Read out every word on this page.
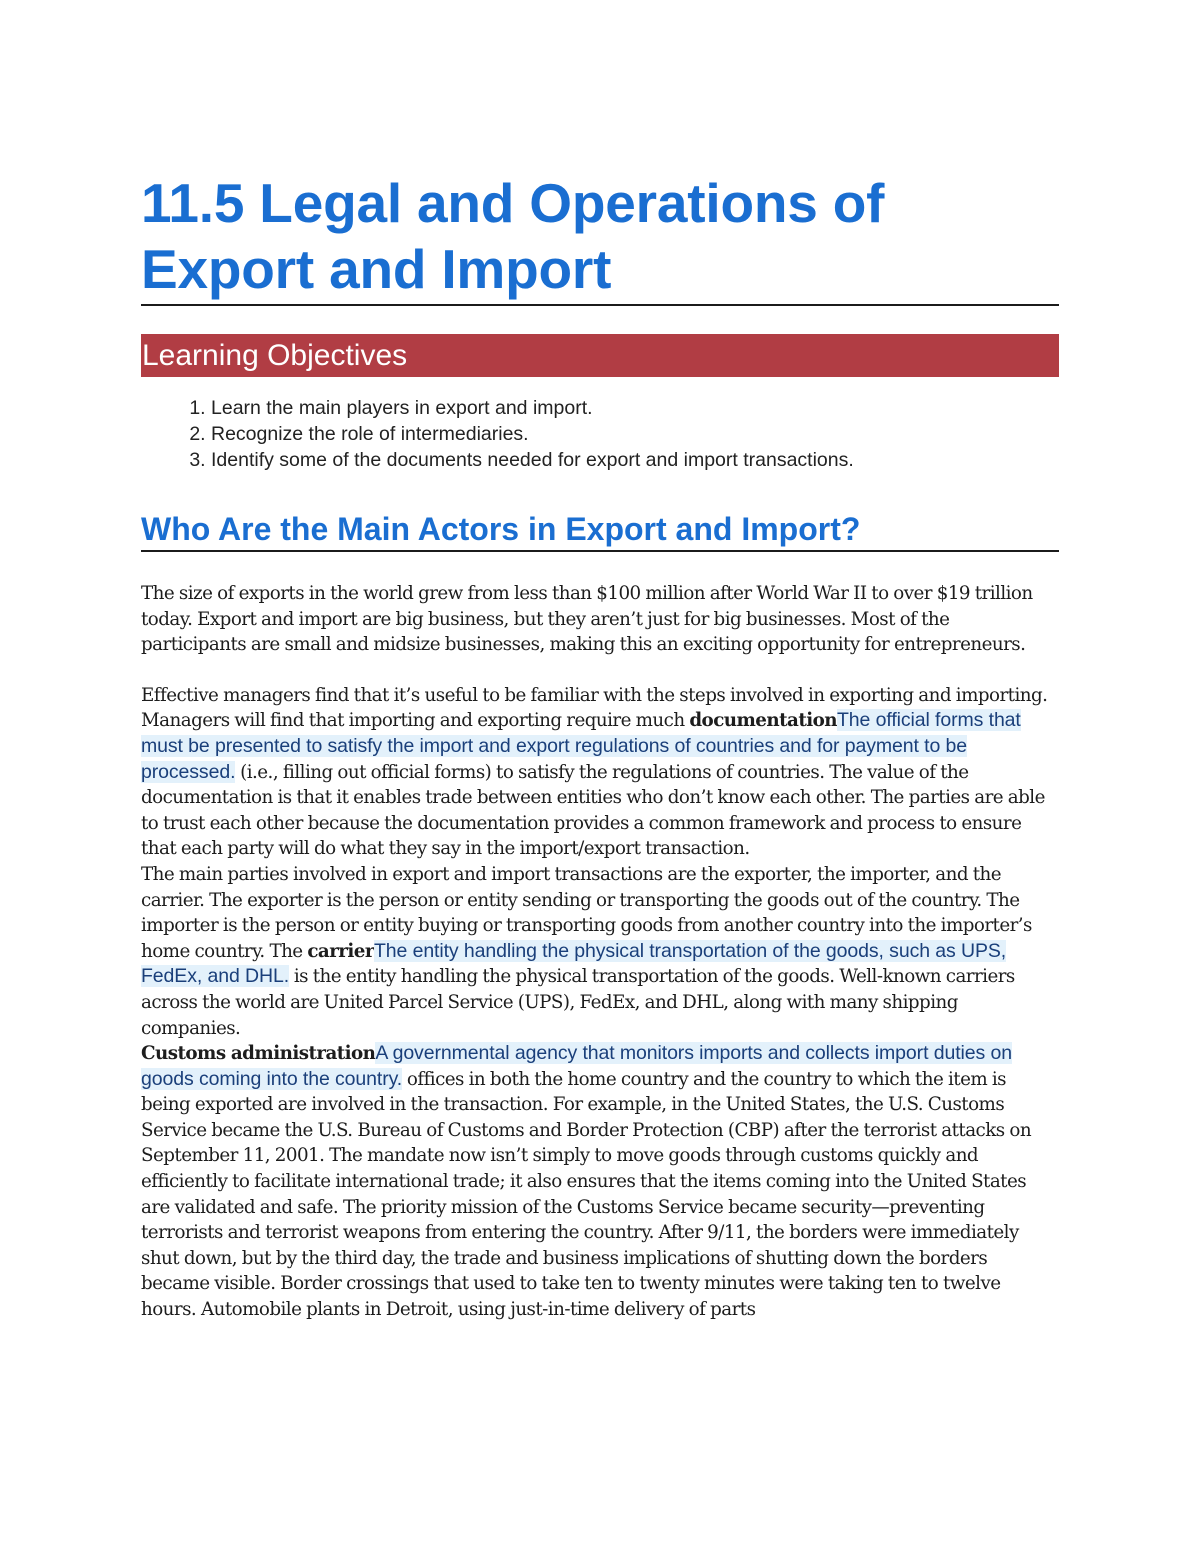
11.5 Legal and Operations of Export and Import
Learning Objectives
1. Learn the main players in export and import.
2. Recognize the role of intermediaries.
3. Identify some of the documents needed for export and import transactions.
Who Are the Main Actors in Export and Import?

The size of exports in the world grew from less than $100 million after World War II to over $19 trillion today. Export and import are big business, but they aren’t just for big businesses. Most of the participants are small and midsize businesses, making this an exciting opportunity for entrepreneurs.

Effective managers find that it’s useful to be familiar with the steps involved in exporting and importing. Managers will find that importing and exporting require much documentationThe official forms that must be presented to satisfy the import and export regulations of countries and for payment to be processed. (i.e., filling out official forms) to satisfy the regulations of countries. The value of the documentation is that it enables trade between entities who don’t know each other. The parties are able to trust each other because the documentation provides a common framework and process to ensure that each party will do what they say in the import/export transaction.

The main parties involved in export and import transactions are the exporter, the importer, and the carrier. The exporter is the person or entity sending or transporting the goods out of the country. The importer is the person or entity buying or transporting goods from another country into the importer’s home country. The carrierThe entity handling the physical transportation of the goods, such as UPS, FedEx, and DHL. is the entity handling the physical transportation of the goods. Well-known carriers across the world are United Parcel Service (UPS), FedEx, and DHL, along with many shipping companies.

Customs administrationA governmental agency that monitors imports and collects import duties on goods coming into the country. offices in both the home country and the country to which the item is being exported are involved in the transaction. For example, in the United States, the U.S. Customs Service became the U.S. Bureau of Customs and Border Protection (CBP) after the terrorist attacks on September 11, 2001. The mandate now isn’t simply to move goods through customs quickly and efficiently to facilitate international trade; it also ensures that the items coming into the United States are validated and safe. The priority mission of the Customs Service became security—preventing terrorists and terrorist weapons from entering the country. After 9/11, the borders were immediately shut down, but by the third day, the trade and business implications of shutting down the borders became visible. Border crossings that used to take ten to twenty minutes were taking ten to twelve hours. Automobile plants in Detroit, using just-in-time delivery of parts
